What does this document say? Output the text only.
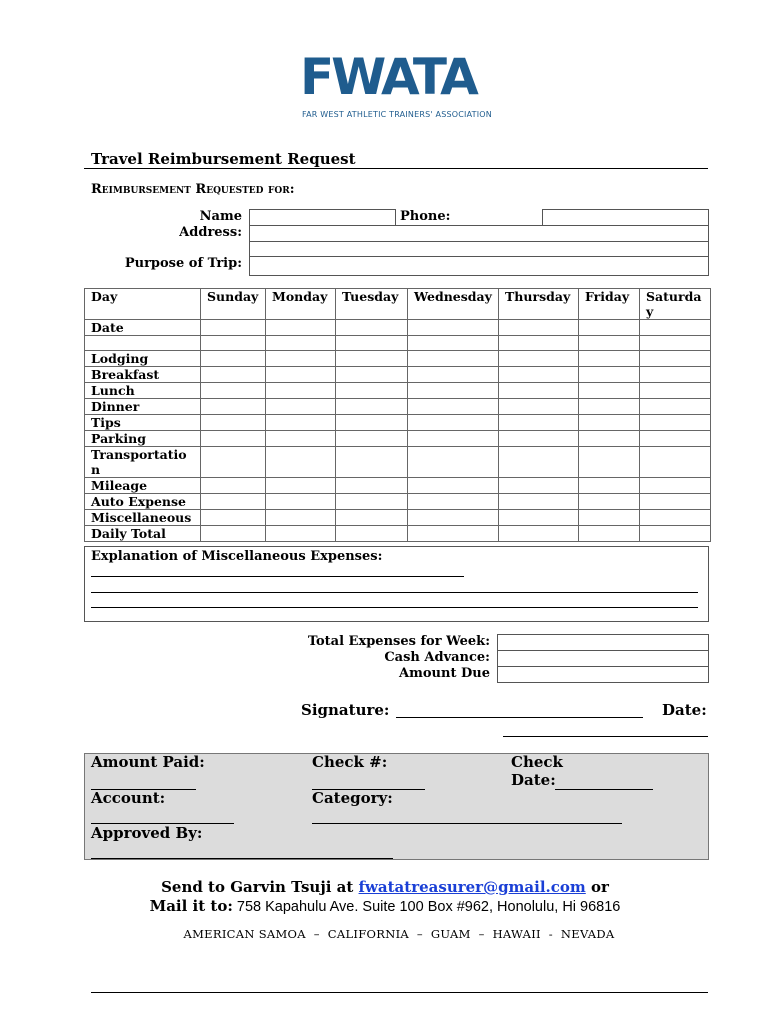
FWATA
FAR WEST ATHLETIC TRAINERS' ASSOCIATION
Travel Reimbursement Request
Reimbursement Requested for:
Name	Phone:
Address:
Purpose of Trip:
Day	Sunday	Monday	Tuesday	Wednesday	Thursday	Friday	Saturday
Date							

Lodging							
Breakfast							
Lunch							
Dinner							
Tips							
Parking							
Transportation							
Mileage							
Auto Expense							
Miscellaneous							
Daily Total							
Explanation of Miscellaneous Expenses:
Total Expenses for Week:
Cash Advance:
Amount Due
Signature:	Date:
Amount Paid:	Check #:	Check
Date:
Account:	Category:
Approved By:
Send to Garvin Tsuji at fwatatreasurer@gmail.com or
Mail it to: 758 Kapahulu Ave. Suite 100 Box #962, Honolulu, Hi 96816
AMERICAN SAMOA  –  CALIFORNIA  –  GUAM  –  HAWAII  -  NEVADA
